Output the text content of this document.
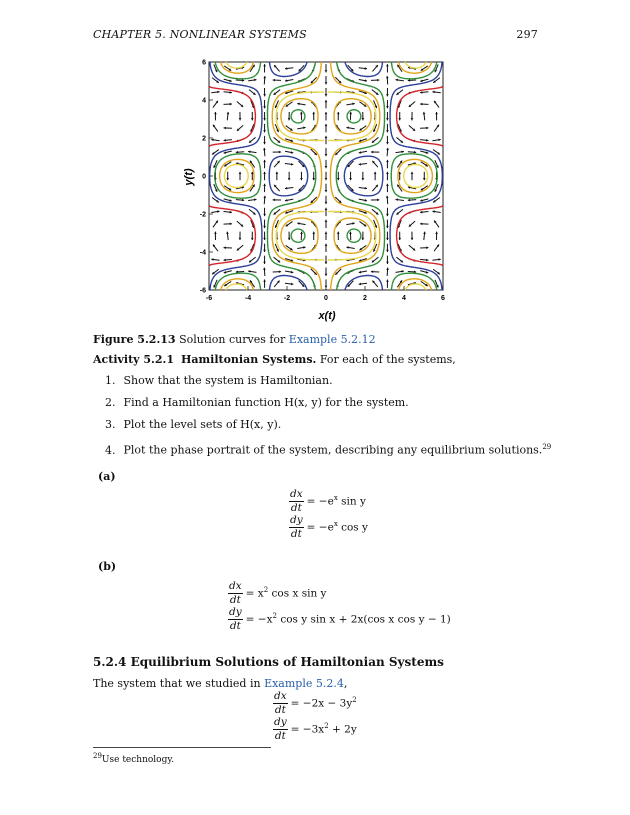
CHAPTER 5. NONLINEAR SYSTEMS	297
-6	-4	-2	0	2	4	6
6
4
2
0
-2
-4
-6
y(t)
x(t)
Figure 5.2.13 Solution curves for Example 5.2.12
Activity 5.2.1 Hamiltonian Systems. For each of the systems,
1. Show that the system is Hamiltonian.
2. Find a Hamiltonian function H(x, y) for the system.
3. Plot the level sets of H(x, y).
4. Plot the phase portrait of the system, describing any equilibrium solutions.$^{29}$
(a)
$\frac{dx}{dt} = -e^x$ sin y
$\frac{dy}{dt} = -e^x$ cos y
(b)
$\frac{dx}{dt} = x^2$ cos x sin y
$\frac{dy}{dt} = -x^2$ cos y sin x + 2x(cos x cos y − 1)
5.2.4 Equilibrium Solutions of Hamiltonian Systems
The system that we studied in Example 5.2.4,
$\frac{dx}{dt} = -2x - 3y^2$
$\frac{dy}{dt} = -3x^2 + 2y$
$^{29}$Use technology.
